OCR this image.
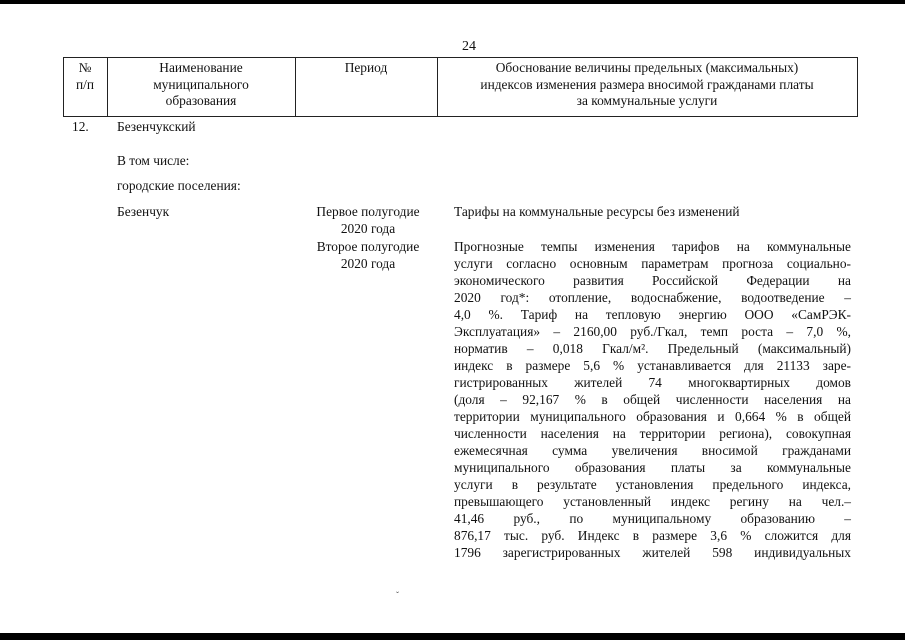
24
№
п/п
Наименование
муниципального
образования
Период	Обоснование величины предельных (максимальных)
индексов изменения размера вносимой гражданами платы
за коммунальные услуги
12. Безенчукский
В том числе:
городские поселения:
Безенчук	Первое полугодие
2020 года
Второе полугодие
2020 года
Тарифы на коммунальные ресурсы без изменений
Прогнозные темпы изменения тарифов на коммунальные
услуги согласно основным параметрам прогноза социально-
экономического развития Российской Федерации на
2020 год*: отопление, водоснабжение, водоотведение –
4,0 %. Тариф на тепловую энергию ООО «СамРЭК-
Эксплуатация» – 2160,00 руб./Гкал, темп роста – 7,0 %,
норматив – 0,018 Гкал/м². Предельный (максимальный)
индекс в размере 5,6 % устанавливается для 21133 заре-
гистрированных жителей 74 многоквартирных домов
(доля – 92,167 % в общей численности населения на
территории муниципального образования и 0,664 % в общей
численности населения на территории региона), совокупная
ежемесячная сумма увеличения вносимой гражданами
муниципального образования платы за коммунальные
услуги в результате установления предельного индекса,
превышающего установленный индекс регину на чел.–
41,46 руб., по муниципальному образованию –
876,17 тыс. руб. Индекс в размере 3,6 % сложится для
1796 зарегистрированных жителей 598 индивидуальных
ˇ
